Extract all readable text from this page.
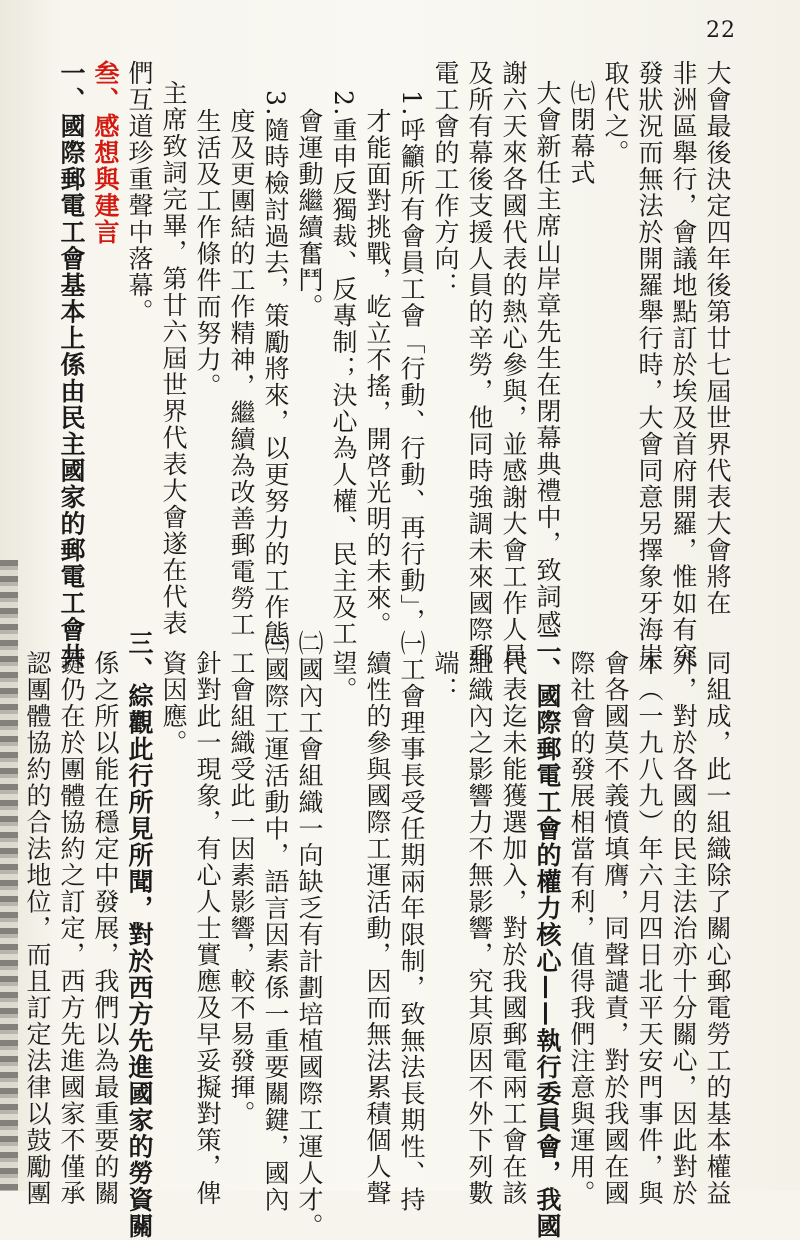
22
大會最後決定四年後第廿七屆世界代表大會將在
非洲區舉行，會議地點訂於埃及首府開羅，惟如有突
發狀況而無法於開羅舉行時，大會同意另擇象牙海岸
取代之。
㈦閉幕式
大會新任主席山岸章先生在閉幕典禮中，致詞感
謝六天來各國代表的熱心參與，並感謝大會工作人員
及所有幕後支援人員的辛勞，他同時強調未來國際郵
電工會的工作方向：
1.呼籲所有會員工會「行動、行動、再行動」，
才能面對挑戰，屹立不搖，開啓光明的未來。
2.重申反獨裁、反專制；決心為人權、民主及工
會運動繼續奮鬥。
3.隨時檢討過去，策勵將來，以更努力的工作態
度及更團結的工作精神，繼續為改善郵電勞工
生活及工作條件而努力。
主席致詞完畢，第廿六屆世界代表大會遂在代表
們互道珍重聲中落幕。
叁、感想與建言
一、國際郵電工會基本上係由民主國家的郵電工會共
同組成，此一組織除了關心郵電勞工的基本權益
外，對於各國的民主法治亦十分關心，因此對於
本（一九八九）年六月四日北平天安門事件，與
會各國莫不義憤填膺，同聲譴責，對於我國在國
際社會的發展相當有利，值得我們注意與運用。
二、國際郵電工會的權力核心——執行委員會，我國
代表迄未能獲選加入，對於我國郵電兩工會在該
組織內之影響力不無影響，究其原因不外下列數
端：
㈠工會理事長受任期兩年限制，致無法長期性、持
續性的參與國際工運活動，因而無法累積個人聲
望。
㈡國內工會組織一向缺乏有計劃培植國際工運人才。
㈢國際工運活動中，語言因素係一重要關鍵，國內
工會組織受此一因素影響，較不易發揮。
針對此一現象，有心人士實應及早妥擬對策，俾
資因應。
三、綜觀此行所見所聞，對於西方先進國家的勞資關
係之所以能在穩定中發展，我們以為最重要的關
鍵仍在於團體協約之訂定，西方先進國家不僅承
認團體協約的合法地位，而且訂定法律以鼓勵團
